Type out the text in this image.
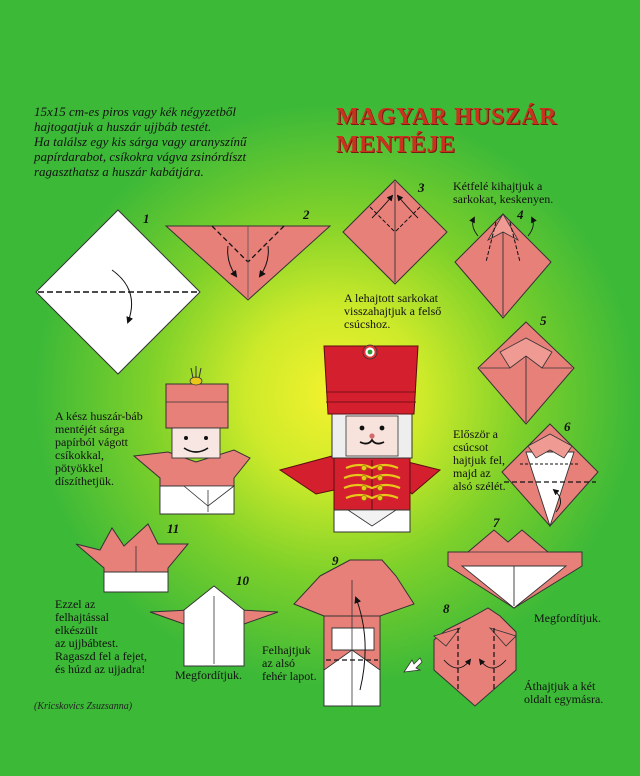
MAGYAR HUSZÁR
MENTÉJE

15x15 cm-es piros vagy kék négyzetből
hajtogatjuk a huszár ujjbáb testét.
Ha találsz egy kis sárga vagy aranyszínű
papírdarabot, csíkokra vágva zsinórdíszt
ragaszthatsz a huszár kabátjára.

1	2
3
4
5
6
7
8
9
10
11

Kétfelé kihajtjuk a
sarkokat, keskenyen.

A lehajtott sarkokat
visszahajtjuk a felső
csúcshoz.

A kész huszár-báb
mentéjét sárga
papírból vágott
csíkokkal,
pötyökkel
díszíthetjük.

Először a
csúcsot
hajtjuk fel,
majd az
alsó szélét.

Megfordítjuk.

Áthajtjuk a két
oldalt egymásra.

Felhajtjuk
az alsó
fehér lapot.

Megfordítjuk.

Ezzel az
felhajtással
elkészült
az ujjbábtest.
Ragaszd fel a fejet,
és húzd az ujjadra!

(Kricskovics Zsuzsanna)
